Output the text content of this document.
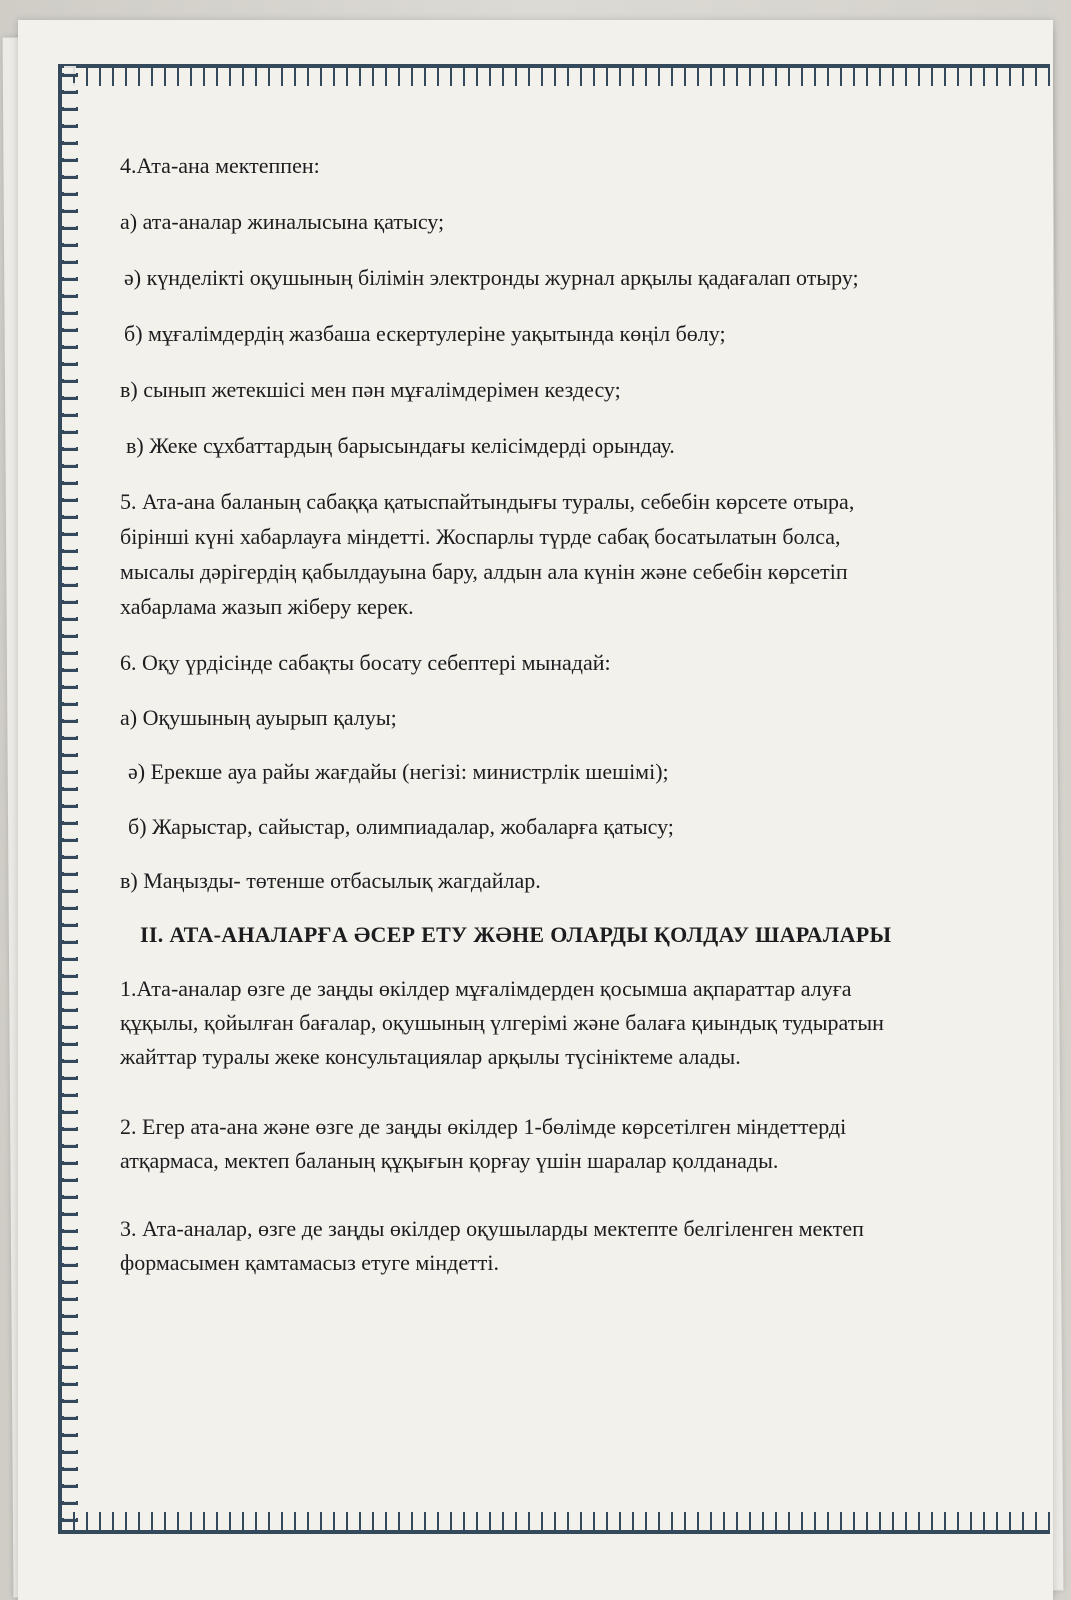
4.Ата-ана мектеппен:
а) ата-аналар жиналысына қатысу;
ә) күнделікті оқушының білімін электронды журнал арқылы қадағалап отыру;
б) мұғалімдердің жазбаша ескертулеріне уақытында көңіл бөлу;
в) сынып жетекшісі мен пән мұғалімдерімен кездесу;
в) Жеке сұхбаттардың барысындағы келісімдерді орындау.
5. Ата-ана баланың сабаққа қатыспайтындығы туралы, себебін көрсете отыра,
бірінші күні хабарлауға міндетті. Жоспарлы түрде сабақ босатылатын болса,
мысалы дәрігердің қабылдауына бару, алдын ала күнін және себебін көрсетіп
хабарлама жазып жіберу керек.
6. Оқу үрдісінде сабақты босату себептері мынадай:
а) Оқушының ауырып қалуы;
ә) Ерекше ауа райы жағдайы (негізі: министрлік шешімі);
б) Жарыстар, сайыстар, олимпиадалар, жобаларға қатысу;
в) Маңызды- төтенше отбасылық жагдайлар.
II. АТА-АНАЛАРҒА ӘСЕР ЕТУ ЖӘНЕ ОЛАРДЫ ҚОЛДАУ ШАРАЛАРЫ
1.Ата-аналар өзге де заңды өкілдер мұғалімдерден қосымша ақпараттар алуға
құқылы, қойылған бағалар, оқушының үлгерімі және балаға қиындық тудыратын
жайттар туралы жеке консультациялар арқылы түсініктеме алады.
2. Егер ата-ана және өзге де заңды өкілдер 1-бөлімде көрсетілген міндеттерді
атқармаса, мектеп баланың құқығын қорғау үшін шаралар қолданады.
3. Ата-аналар, өзге де заңды өкілдер оқушыларды мектепте белгіленген мектеп
формасымен қамтамасыз етуге міндетті.
